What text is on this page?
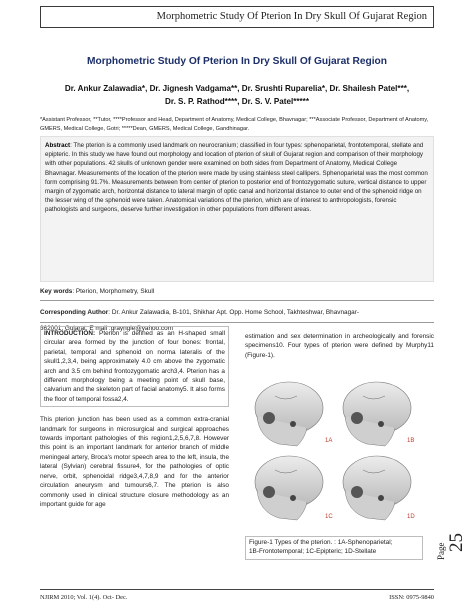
Morphometric Study Of Pterion In Dry Skull Of Gujarat Region
Morphometric Study Of Pterion In Dry Skull Of Gujarat Region
Dr. Ankur Zalawadia*, Dr. Jignesh Vadgama**, Dr. Srushti Ruparelia*, Dr. Shailesh Patel***,
Dr. S. P. Rathod****, Dr. S. V. Patel*****
*Assistant Professor, **Tutor, ****Professor and Head, Department of Anatomy, Medical College, Bhavnagar; ***Associate Professor, Department of Anatomy, GMERS, Medical College, Gotri; *****Dean, GMERS, Medical College, Gandhinagar.
Abstract: The pterion is a commonly used landmark on neurocranium; classified in four types: sphenoparietal, frontotemporal, stellate and epipteric. In this study we have found out morphology and location of pterion of skull of Gujarat region and comparison of their morphology with other populations. 42 skulls of unknown gender were examined on both sides from Department of Anatomy, Medical College Bhavnagar. Measurements of the location of the pterion were made by using stainless steel callipers. Sphenoparietal was the most common form comprising 91.7%. Measurements between from center of pterion to posterior end of frontozygomatic suture, vertical distance to upper margin of zygomatic arch, horizontal distance to lateral margin of optic canal and horizontal distance to outer end of the sphenoid ridge on the lesser wing of the sphenoid were taken. Anatomical variations of the pterion, which are of interest to anthropologists, forensic pathologists and surgeons, deserve further investigation in other populations from different areas.
Key words: Pterion, Morphometry, Skull
Corresponding Author: Dr. Ankur Zalawadia, B-101, Shikhar Apt. Opp. Home School, Takhteshwar, Bhavnagar-
362001, Gujarat, E mail :grayngle@yahoo.com
INTRODUCTION: Pterion is defined as an H-shaped small circular area formed by the junction of four bones: frontal, parietal, temporal and sphenoid on norma lateralis of the skull1,2,3,4, being approximately 4.0 cm above the zygomatic arch and 3.5 cm behind frontozygomatic arch3,4. Pterion has a different morphology being a meeting point of skull base, calvarium and the skeleton part of facial anatomy5. It also forms the floor of temporal fossa2,4.

This pterion junction has been used as a common extra-cranial landmark for surgeons in microsurgical and surgical approaches towards important pathologies of this region1,2,5,6,7,8. However this point is an important landmark for anterior branch of middle meningeal artery, Broca's motor speech area to the left, insula, the lateral (Sylvian) cerebral fissure4, for the pathologies of optic nerve, orbit, sphenoidal ridge3,4,7,8,9 and for the anterior circulation aneurysm and tumours6,7. The pterion is also commonly used in clinical structure closure methodology as an important guide for age

estimation and sex determination in archeologically and forensic specimens10. Four types of pterion were defined by Murphy11 (Figure-1).
1A	1B
1C	1D
Figure-1 Types of the pterion. : 1A-Sphenoparietal;
1B-Frontotemporal; 1C-Epipteric; 1D-Stellate	Page 25
NJIRM 2010; Vol. 1(4). Oct- Dec.	ISSN: 0975-9840
